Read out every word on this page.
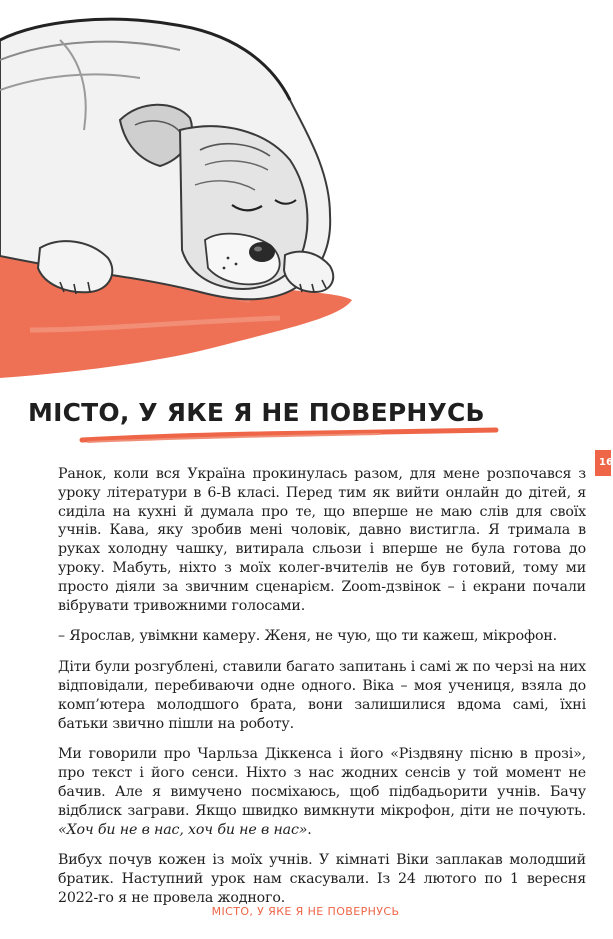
МІСТО, У ЯКЕ Я НЕ ПОВЕРНУСЬ
16

Ранок, коли вся Україна прокинулась разом, для мене розпочався з уроку літератури в 6-В класі. Перед тим як вийти онлайн до дітей, я сиділа на кухні й думала про те, що вперше не маю слів для своїх учнів. Кава, яку зробив мені чоловік, давно вистигла. Я тримала в руках холодну чашку, витирала сльози і вперше не була готова до уроку. Мабуть, ніхто з моїх колег-вчителів не був готовий, тому ми просто діяли за звичним сценарієм. Zoom-дзвінок – і екрани почали вібрувати тривожними голосами.

– Ярослав, увімкни камеру. Женя, не чую, що ти кажеш, мікрофон.

Діти були розгублені, ставили багато запитань і самі ж по черзі на них відповідали, перебиваючи одне одного. Віка – моя учениця, взяла до комп’ютера молодшого брата, вони залишилися вдома самі, їхні батьки звично пішли на роботу.

Ми говорили про Чарльза Діккенса і його «Різдвяну пісню в прозі», про текст і його сенси. Ніхто з нас жодних сенсів у той момент не бачив. Але я вимучено посміхаюсь, щоб підбадьорити учнів. Бачу відблиск заграви. Якщо швидко вимкнути мікрофон, діти не почують. «Хоч би не в нас, хоч би не в нас».

Вибух почув кожен із моїх учнів. У кімнаті Віки заплакав молодший братик. Наступний урок нам скасували. Із 24 лютого по 1 вересня 2022-го я не провела жодного.

МІСТО, У ЯКЕ Я НЕ ПОВЕРНУСЬ
